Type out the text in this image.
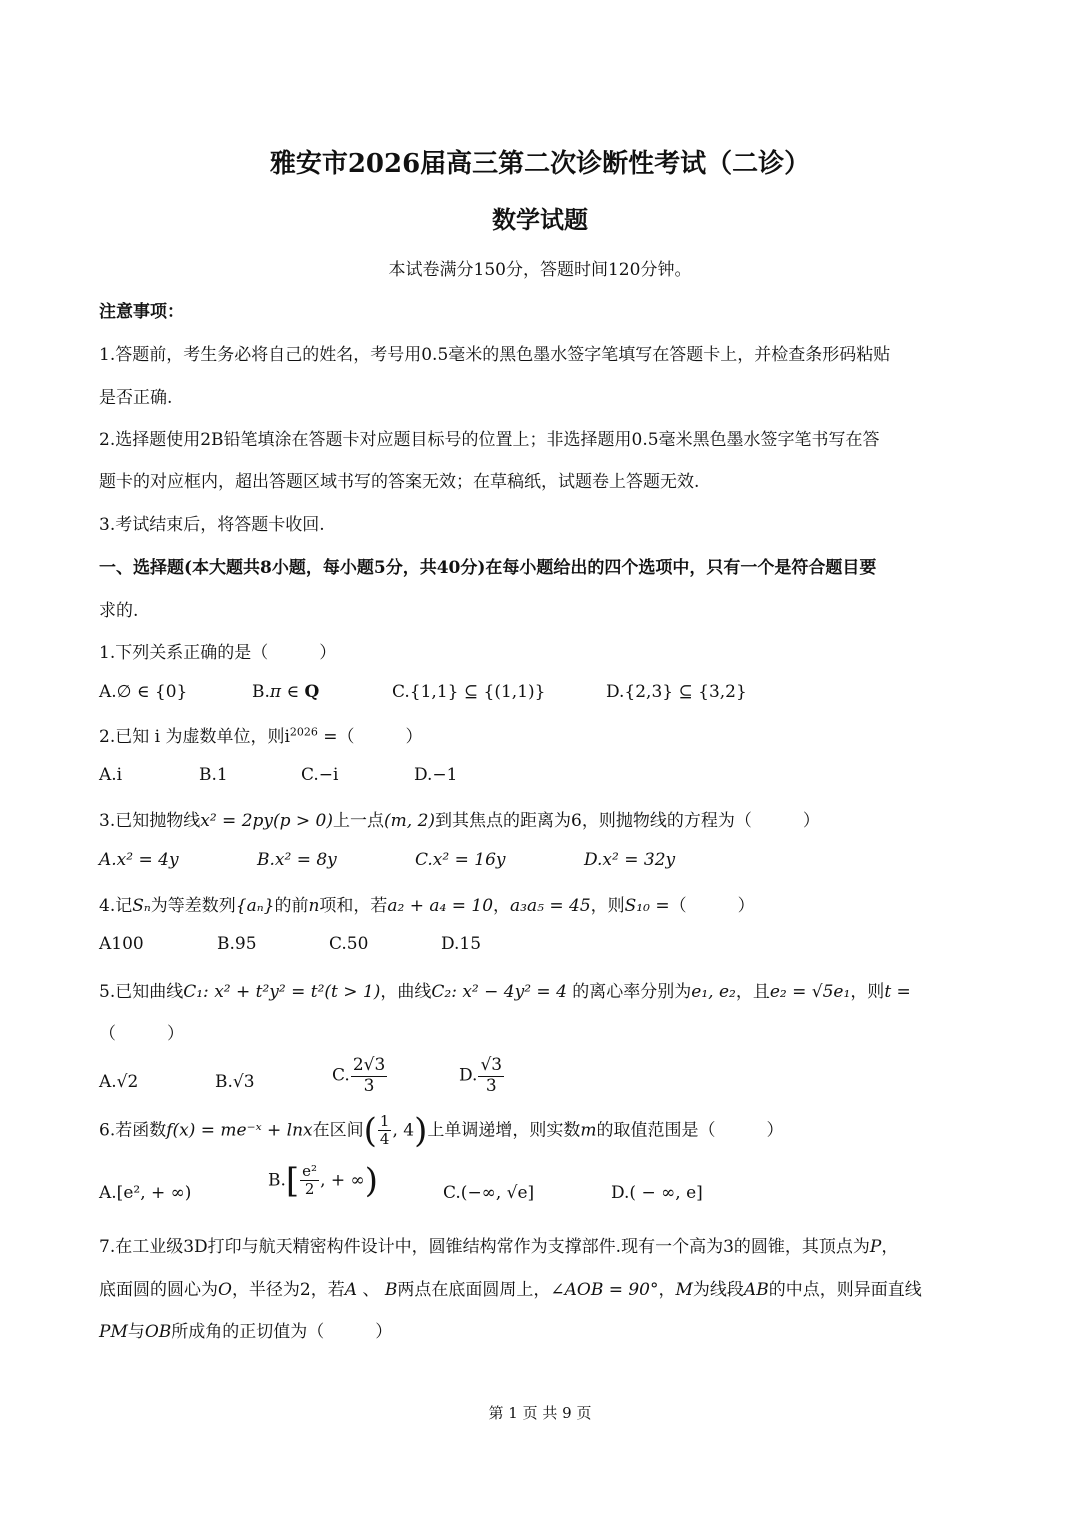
雅安市2026届高三第二次诊断性考试（二诊）
数学试题
本试卷满分150分，答题时间120分钟。
注意事项：
1.答题前，考生务必将自己的姓名，考号用0.5毫米的黑色墨水签字笔填写在答题卡上，并检查条形码粘贴
是否正确.
2.选择题使用2B铅笔填涂在答题卡对应题目标号的位置上；非选择题用0.5毫米黑色墨水签字笔书写在答
题卡的对应框内，超出答题区域书写的答案无效；在草稿纸，试题卷上答题无效.
3.考试结束后，将答题卡收回.
一、选择题(本大题共8小题，每小题5分，共40分)在每小题给出的四个选项中，只有一个是符合题目要
求的.
1.下列关系正确的是（　　　）
A.∅ ∈ {0}	B.π ∈ Q	C.{1,1} ⊆ {(1,1)}	D.{2,3} ⊆ {3,2}
2.已知 i 为虚数单位，则$i^{2026}$ =（　　　）
A.i	B.1	C.−i	D.−1
3.已知抛物线x² = 2py(p > 0)上一点(m, 2)到其焦点的距离为6，则抛物线的方程为（　　　）
A.x² = 4y	B.x² = 8y	C.x² = 16y	D.x² = 32y
4.记Sₙ为等差数列{aₙ}的前n项和，若a₂ + a₄ = 10，a₃a₅ = 45，则S₁₀ =（　　　）
A100	B.95	C.50	D.15
5.已知曲线C₁: x² + t²y² = t²(t > 1)，曲线C₂: x² − 4y² = 4 的离心率分别为e₁, e₂，且e₂ = √5e₁，则t =
（　　　）
A.√2	B.√3	C. $\frac{2√3}{3}$	D. $\frac{√3}{3}$
6.若函数f(x) = me⁻ˣ + lnx在区间( $\frac{1}{4}$ , 4)上单调递增，则实数m的取值范围是（　　　）
A.[e², + ∞)
$B.[ \frac{\text{e²}}{2}$ , + ∞)	C.(−∞, √e]	D.( − ∞, e]
7.在工业级3D打印与航天精密构件设计中，圆锥结构常作为支撑部件.现有一个高为3的圆锥，其顶点为P，
底面圆的圆心为O，半径为2，若A 、 B两点在底面圆周上，∠AOB = 90°，M为线段AB的中点，则异面直线
PM与OB所成角的正切值为（　　　）
第 1 页 共 9 页
